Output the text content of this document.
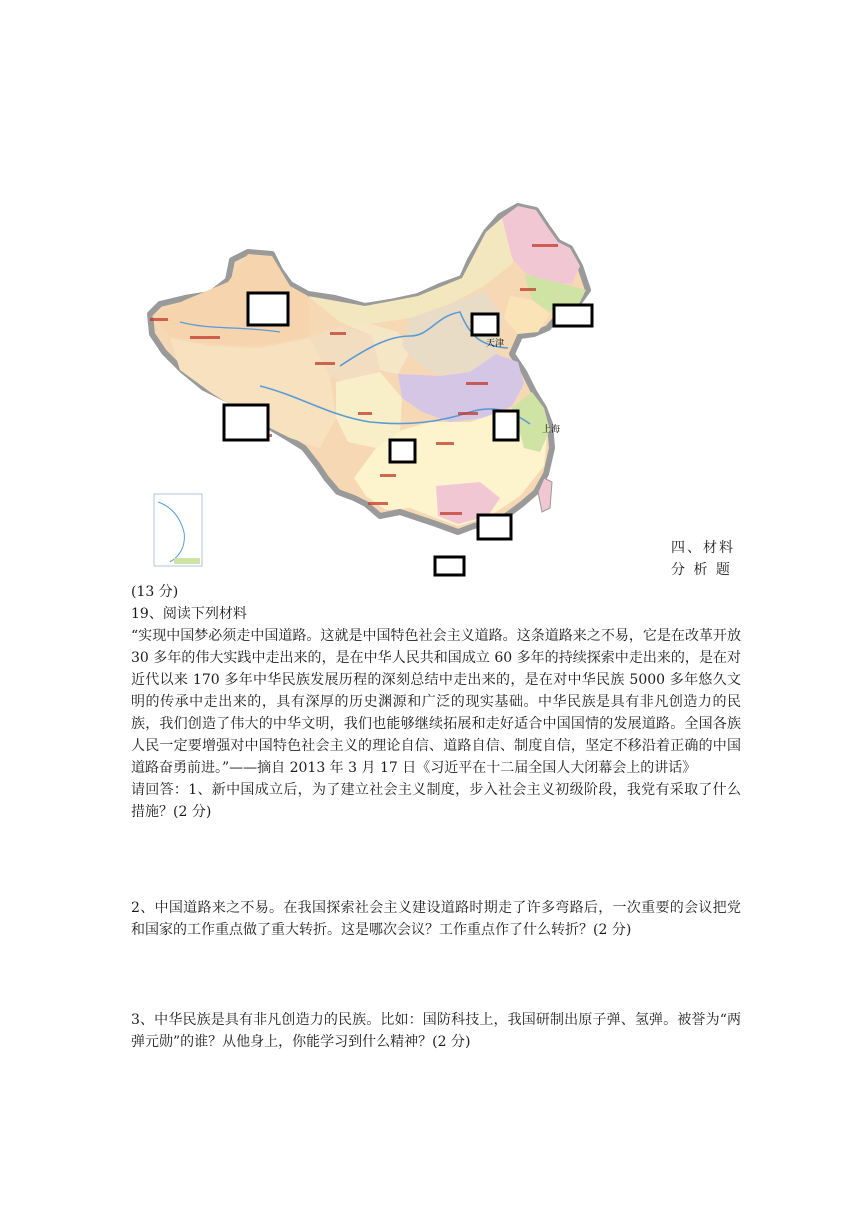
天津
上海
四、材料
分 析 题
(13 分)
19、阅读下列材料
“实现中国梦必须走中国道路。这就是中国特色社会主义道路。这条道路来之不易，它是在改革开放 30 多年的伟大实践中走出来的，是在中华人民共和国成立 60 多年的持续探索中走出来的，是在对近代以来 170 多年中华民族发展历程的深刻总结中走出来的，是在对中华民族 5000 多年悠久文明的传承中走出来的，具有深厚的历史渊源和广泛的现实基础。中华民族是具有非凡创造力的民族，我们创造了伟大的中华文明，我们也能够继续拓展和走好适合中国国情的发展道路。全国各族人民一定要增强对中国特色社会主义的理论自信、道路自信、制度自信，坚定不移沿着正确的中国道路奋勇前进。”——摘自 2013 年 3 月 17 日《习近平在十二届全国人大闭幕会上的讲话》
请回答：1、新中国成立后，为了建立社会主义制度，步入社会主义初级阶段，我党有采取了什么措施？(2 分)
2、中国道路来之不易。在我国探索社会主义建设道路时期走了许多弯路后，一次重要的会议把党和国家的工作重点做了重大转折。这是哪次会议？工作重点作了什么转折？(2 分)
3、中华民族是具有非凡创造力的民族。比如：国防科技上，我国研制出原子弹、氢弹。被誉为“两弹元勋”的谁？从他身上，你能学习到什么精神？(2 分)
